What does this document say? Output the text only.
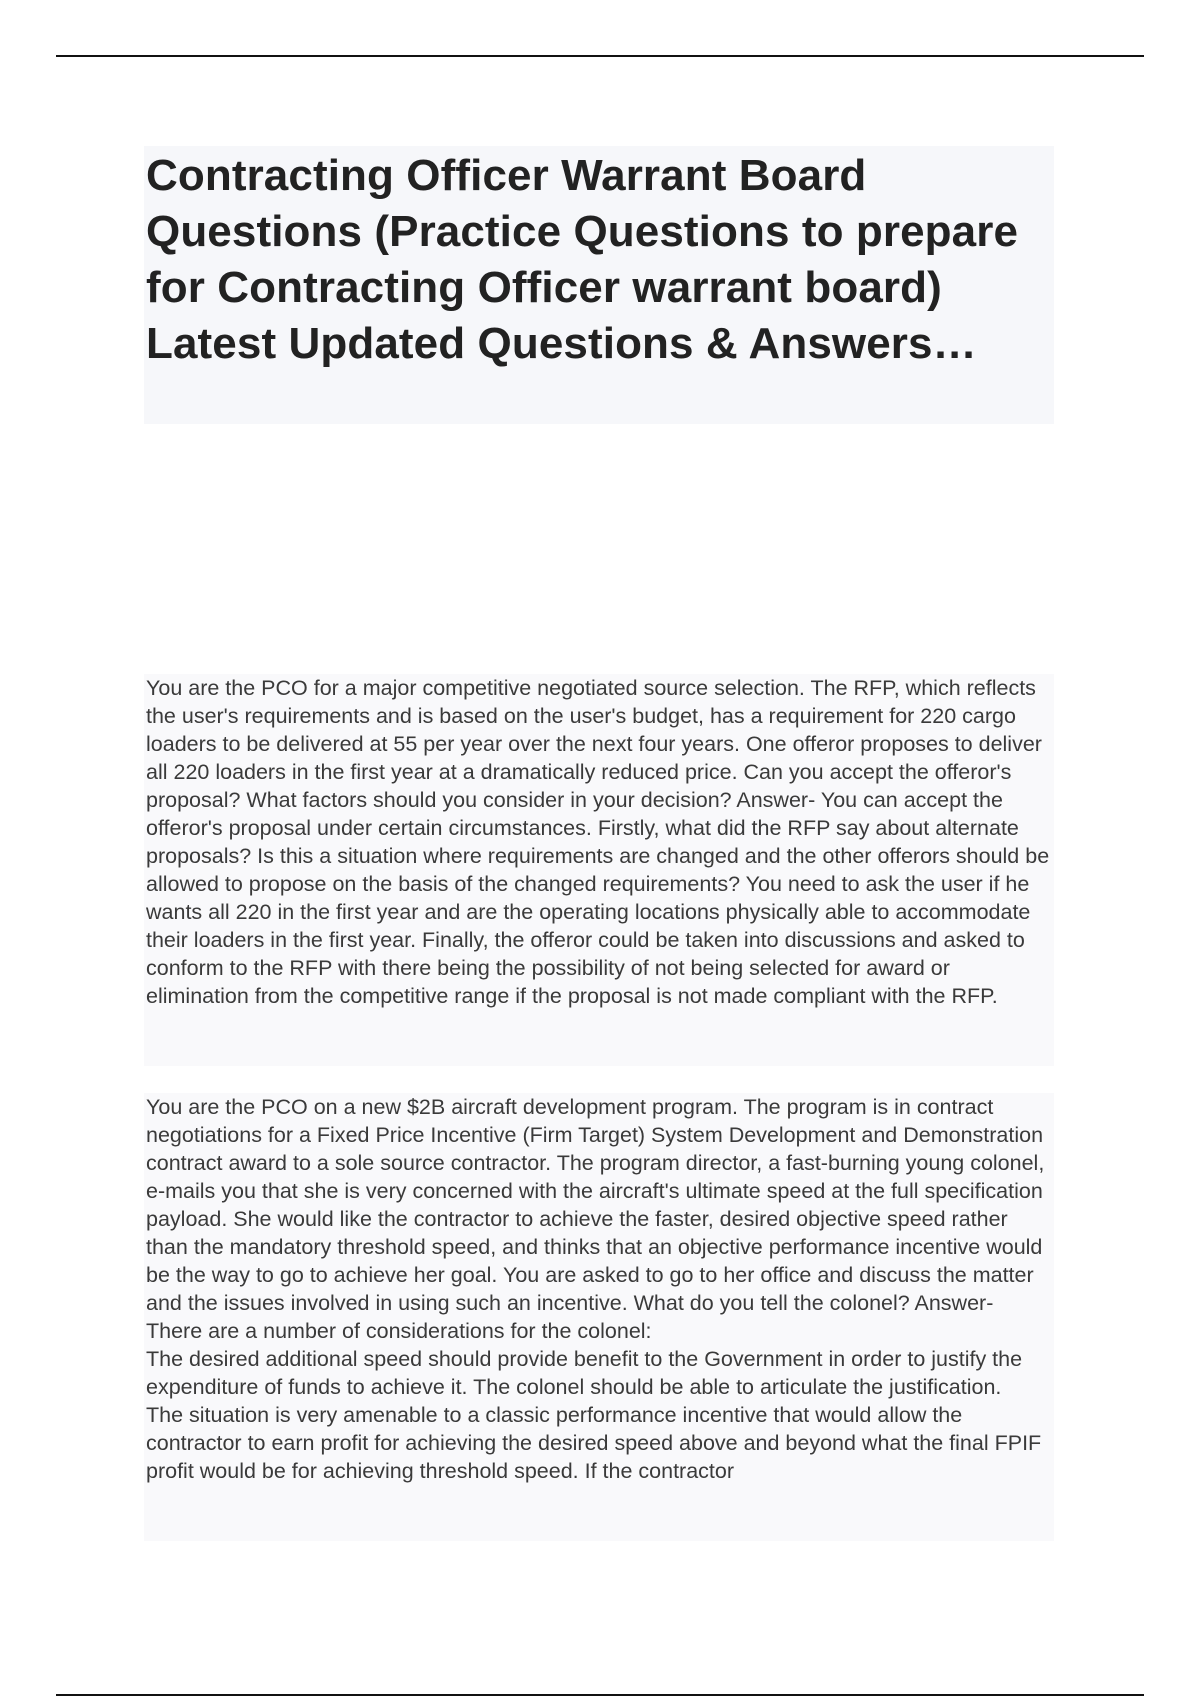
Contracting Officer Warrant Board Questions (Practice Questions to prepare for Contracting Officer warrant board) Latest Updated Questions & Answers…
You are the PCO for a major competitive negotiated source selection. The RFP, which reflects the user's requirements and is based on the user's budget, has a requirement for 220 cargo loaders to be delivered at 55 per year over the next four years. One offeror proposes to deliver all 220 loaders in the first year at a dramatically reduced price. Can you accept the offeror's proposal? What factors should you consider in your decision? Answer- You can accept the offeror's proposal under certain circumstances. Firstly, what did the RFP say about alternate proposals? Is this a situation where requirements are changed and the other offerors should be allowed to propose on the basis of the changed requirements? You need to ask the user if he wants all 220 in the first year and are the operating locations physically able to accommodate their loaders in the first year. Finally, the offeror could be taken into discussions and asked to conform to the RFP with there being the possibility of not being selected for award or elimination from the competitive range if the proposal is not made compliant with the RFP.
You are the PCO on a new $2B aircraft development program. The program is in contract negotiations for a Fixed Price Incentive (Firm Target) System Development and Demonstration contract award to a sole source contractor. The program director, a fast-burning young colonel, e-mails you that she is very concerned with the aircraft's ultimate speed at the full specification payload. She would like the contractor to achieve the faster, desired objective speed rather than the mandatory threshold speed, and thinks that an objective performance incentive would be the way to go to achieve her goal. You are asked to go to her office and discuss the matter and the issues involved in using such an incentive. What do you tell the colonel? Answer- There are a number of considerations for the colonel:
The desired additional speed should provide benefit to the Government in order to justify the expenditure of funds to achieve it. The colonel should be able to articulate the justification.
The situation is very amenable to a classic performance incentive that would allow the contractor to earn profit for achieving the desired speed above and beyond what the final FPIF profit would be for achieving threshold speed. If the contractor
